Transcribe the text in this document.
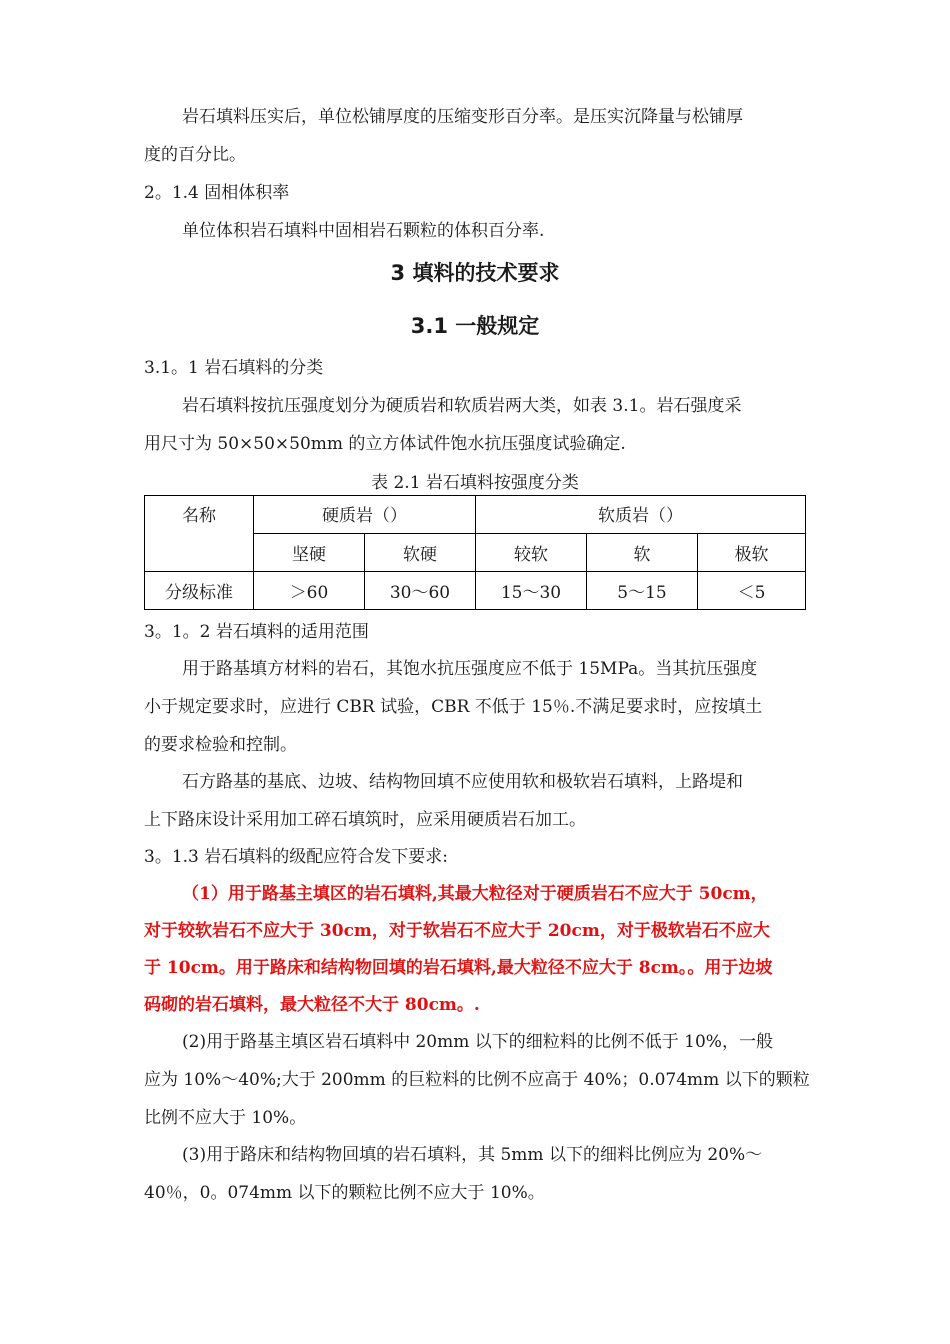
岩石填料压实后，单位松铺厚度的压缩变形百分率。是压实沉降量与松铺厚
度的百分比。
2。1.4 固相体积率
单位体积岩石填料中固相岩石颗粒的体积百分率.
3 填料的技术要求
3.1 一般规定
3.1。1 岩石填料的分类
岩石填料按抗压强度划分为硬质岩和软质岩两大类，如表 3.1。岩石强度采
用尺寸为 50×50×50mm 的立方体试件饱水抗压强度试验确定.
表 2.1 岩石填料按强度分类
名称	硬质岩（）		软质岩（）		
	坚硬	软硬	较软	软	极软
分级标准	＞60	30～60	15～30	5～15	＜5
3。1。2 岩石填料的适用范围
用于路基填方材料的岩石，其饱水抗压强度应不低于 15MPa。当其抗压强度
小于规定要求时，应进行 CBR 试验，CBR 不低于 15％.不满足要求时，应按填土
的要求检验和控制。
石方路基的基底、边坡、结构物回填不应使用软和极软岩石填料，上路堤和
上下路床设计采用加工碎石填筑时，应采用硬质岩石加工。
3。1.3 岩石填料的级配应符合发下要求:
（1）用于路基主填区的岩石填料,其最大粒径对于硬质岩石不应大于 50cm，
对于较软岩石不应大于 30cm，对于软岩石不应大于 20cm，对于极软岩石不应大
于 10cm。用于路床和结构物回填的岩石填料,最大粒径不应大于 8cm。。用于边坡
码砌的岩石填料，最大粒径不大于 80cm。.
(2)用于路基主填区岩石填料中 20mm 以下的细粒料的比例不低于 10%，一般
应为 10%～40%;大于 200mm 的巨粒料的比例不应高于 40%；0.074mm 以下的颗粒
比例不应大于 10%。
(3)用于路床和结构物回填的岩石填料，其 5mm 以下的细料比例应为 20%～
40％，0。074mm 以下的颗粒比例不应大于 10%。
